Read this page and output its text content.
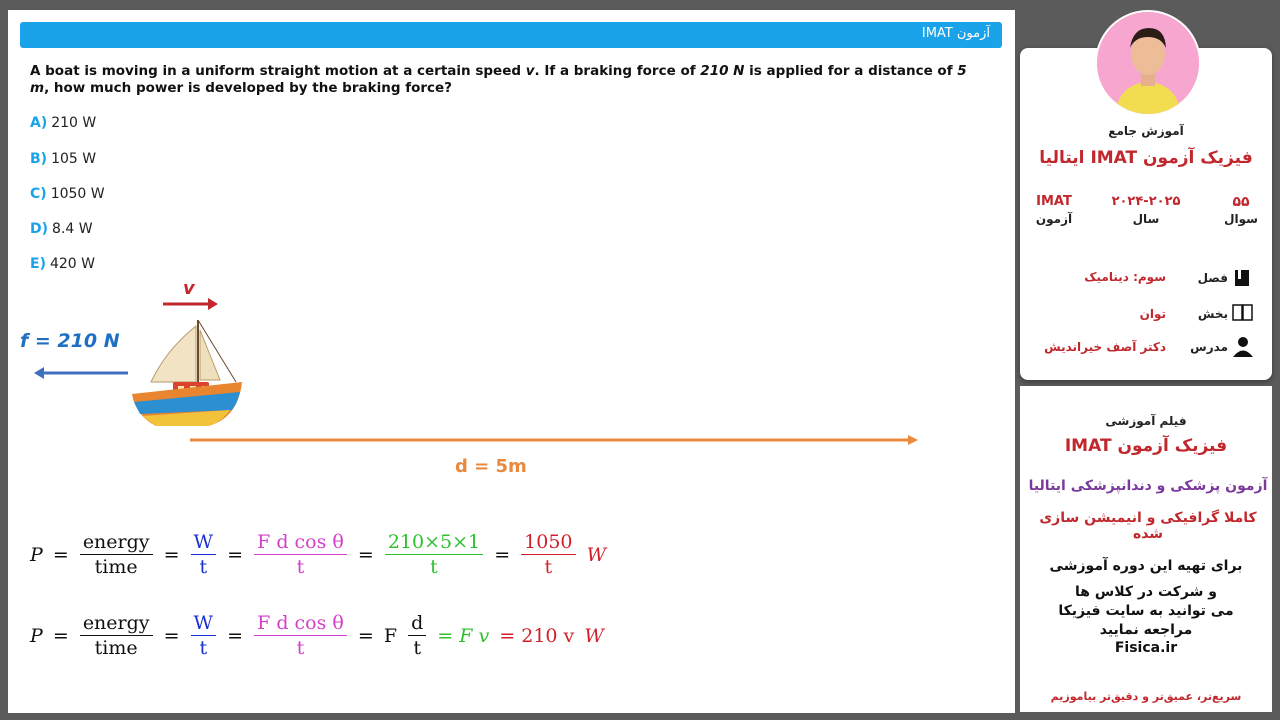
آزمون IMAT
A boat is moving in a uniform straight motion at a certain speed v. If a braking force of 210 N is applied for a distance of 5 m, how much power is developed by the braking force?
A) 210 W
B) 105 W
C) 1050 W
D) 8.4 W
E) 420 W
v
f = 210 N
d = 5m
$P = \frac{\text{energy}}{\text{time}} = \frac{W}{t} = \frac{\text{F d cos θ}}{t} = \frac{210\times 5\times 1}{t} = \frac{1050}{t}$ W
$P = \frac{\text{energy}}{\text{time}} = \frac{W}{t} = \frac{\text{F d cos θ}}{t} = F \frac{d}{t} = F$ v = 210 v W
آموزش جامع
فیزیک آزمون IMAT ایتالیا
IMAT
آزمون
۲۰۲۴-۲۰۲۵
سال
۵۵
سوال
فصل
سوم: دینامیک
بخش
توان
مدرس
دکتر آصف خیراندیش
فیلم آموزشی
فیزیک آزمون IMAT
آزمون پزشکی و دندانپزشکی ایتالیا
کاملا گرافیکی و انیمیشن سازی شده
برای تهیه این دوره آموزشی
و شرکت در کلاس ها
می توانید به سایت فیزیکا
مراجعه نمایید
Fisica.ir
سریع‌تر، عمیق‌تر و دقیق‌تر بیاموزیم
